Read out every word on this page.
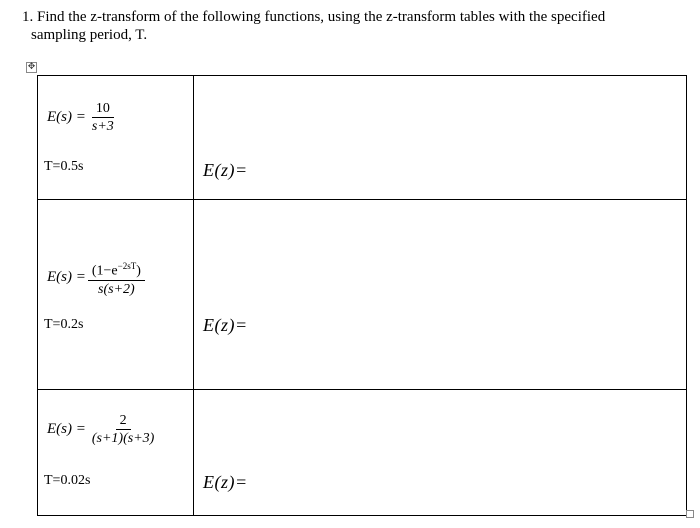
1. Find the z-transform of the following functions, using the z-transform tables with the specified
sampling period, T.
✥
$E(s) = \frac{10}{s+3}$
T=0.5s	E(z)=

$E(s) = \frac{(1-e^{-2sT})}{s(s+2)}$
T=0.2s	E(z)=

$E(s) = \frac{2}{(s+1)(s+3)}$
T=0.02s	E(z)=
